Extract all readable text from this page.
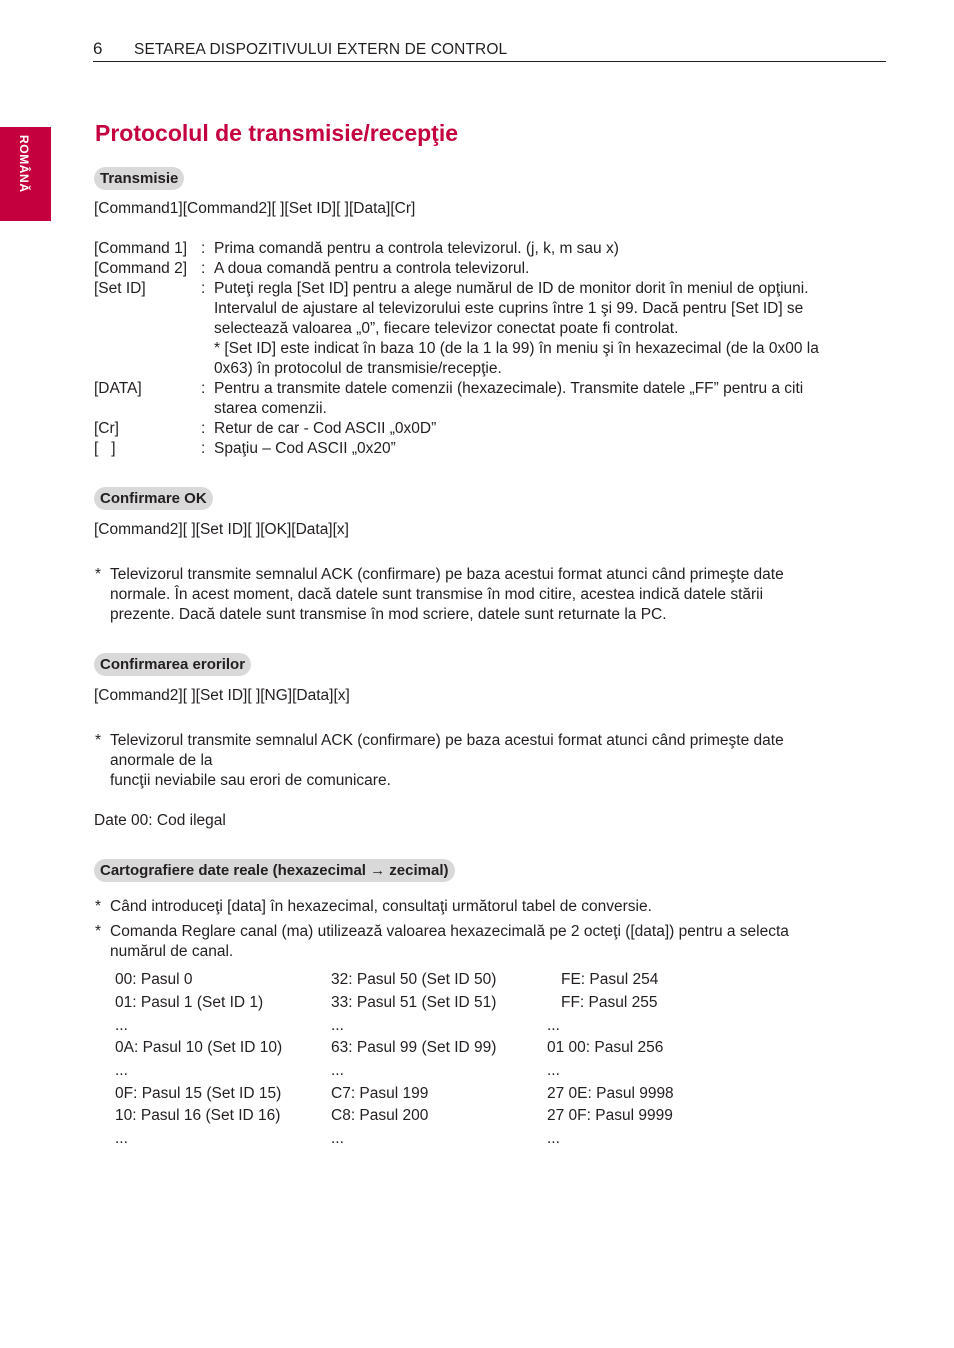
6 SETAREA DISPOZITIVULUI EXTERN DE CONTROL
ROMÂNĂ
Protocolul de transmisie/recepţie
Transmisie
[Command1][Command2][ ][Set ID][ ][Data][Cr]
[Command 1] : Prima comandă pentru a controla televizorul. (j, k, m sau x)
[Command 2] : A doua comandă pentru a controla televizorul.
[Set ID]	: Puteţi regla [Set ID] pentru a alege numărul de ID de monitor dorit în meniul de opţiuni.
Intervalul de ajustare al televizorului este cuprins între 1 şi 99. Dacă pentru [Set ID] se
selectează valoarea „0”, fiecare televizor conectat poate fi controlat.
* [Set ID] este indicat în baza 10 (de la 1 la 99) în meniu şi în hexazecimal (de la 0x00 la
0x63) în protocolul de transmisie/recepţie.
[DATA]	: Pentru a transmite datele comenzii (hexazecimale). Transmite datele „FF” pentru a citi
starea comenzii.
[Cr]	: Retur de car - Cod ASCII „0x0D”
[   ]	: Spaţiu – Cod ASCII „0x20”
Confirmare OK
[Command2][ ][Set ID][ ][OK][Data][x]
* Televizorul transmite semnalul ACK (confirmare) pe baza acestui format atunci când primeşte date
normale. În acest moment, dacă datele sunt transmise în mod citire, acestea indică datele stării
prezente. Dacă datele sunt transmise în mod scriere, datele sunt returnate la PC.
Confirmarea erorilor
[Command2][ ][Set ID][ ][NG][Data][x]
* Televizorul transmite semnalul ACK (confirmare) pe baza acestui format atunci când primeşte date
anormale de la
funcţii neviabile sau erori de comunicare.
Date 00: Cod ilegal
Cartografiere date reale (hexazecimal → zecimal)
* Când introduceţi [data] în hexazecimal, consultaţi următorul tabel de conversie.
* Comanda Reglare canal (ma) utilizează valoarea hexazecimală pe 2 octeţi ([data]) pentru a selecta
numărul de canal.
00: Pasul 0	32: Pasul 50 (Set ID 50)	FE: Pasul 254
01: Pasul 1 (Set ID 1)	33: Pasul 51 (Set ID 51)	FF: Pasul 255
...	...	...
0A: Pasul 10 (Set ID 10)	63: Pasul 99 (Set ID 99)	01 00: Pasul 256
...	...	...
0F: Pasul 15 (Set ID 15)	C7: Pasul 199	27 0E: Pasul 9998
10: Pasul 16 (Set ID 16)	C8: Pasul 200	27 0F: Pasul 9999
...	...	...
